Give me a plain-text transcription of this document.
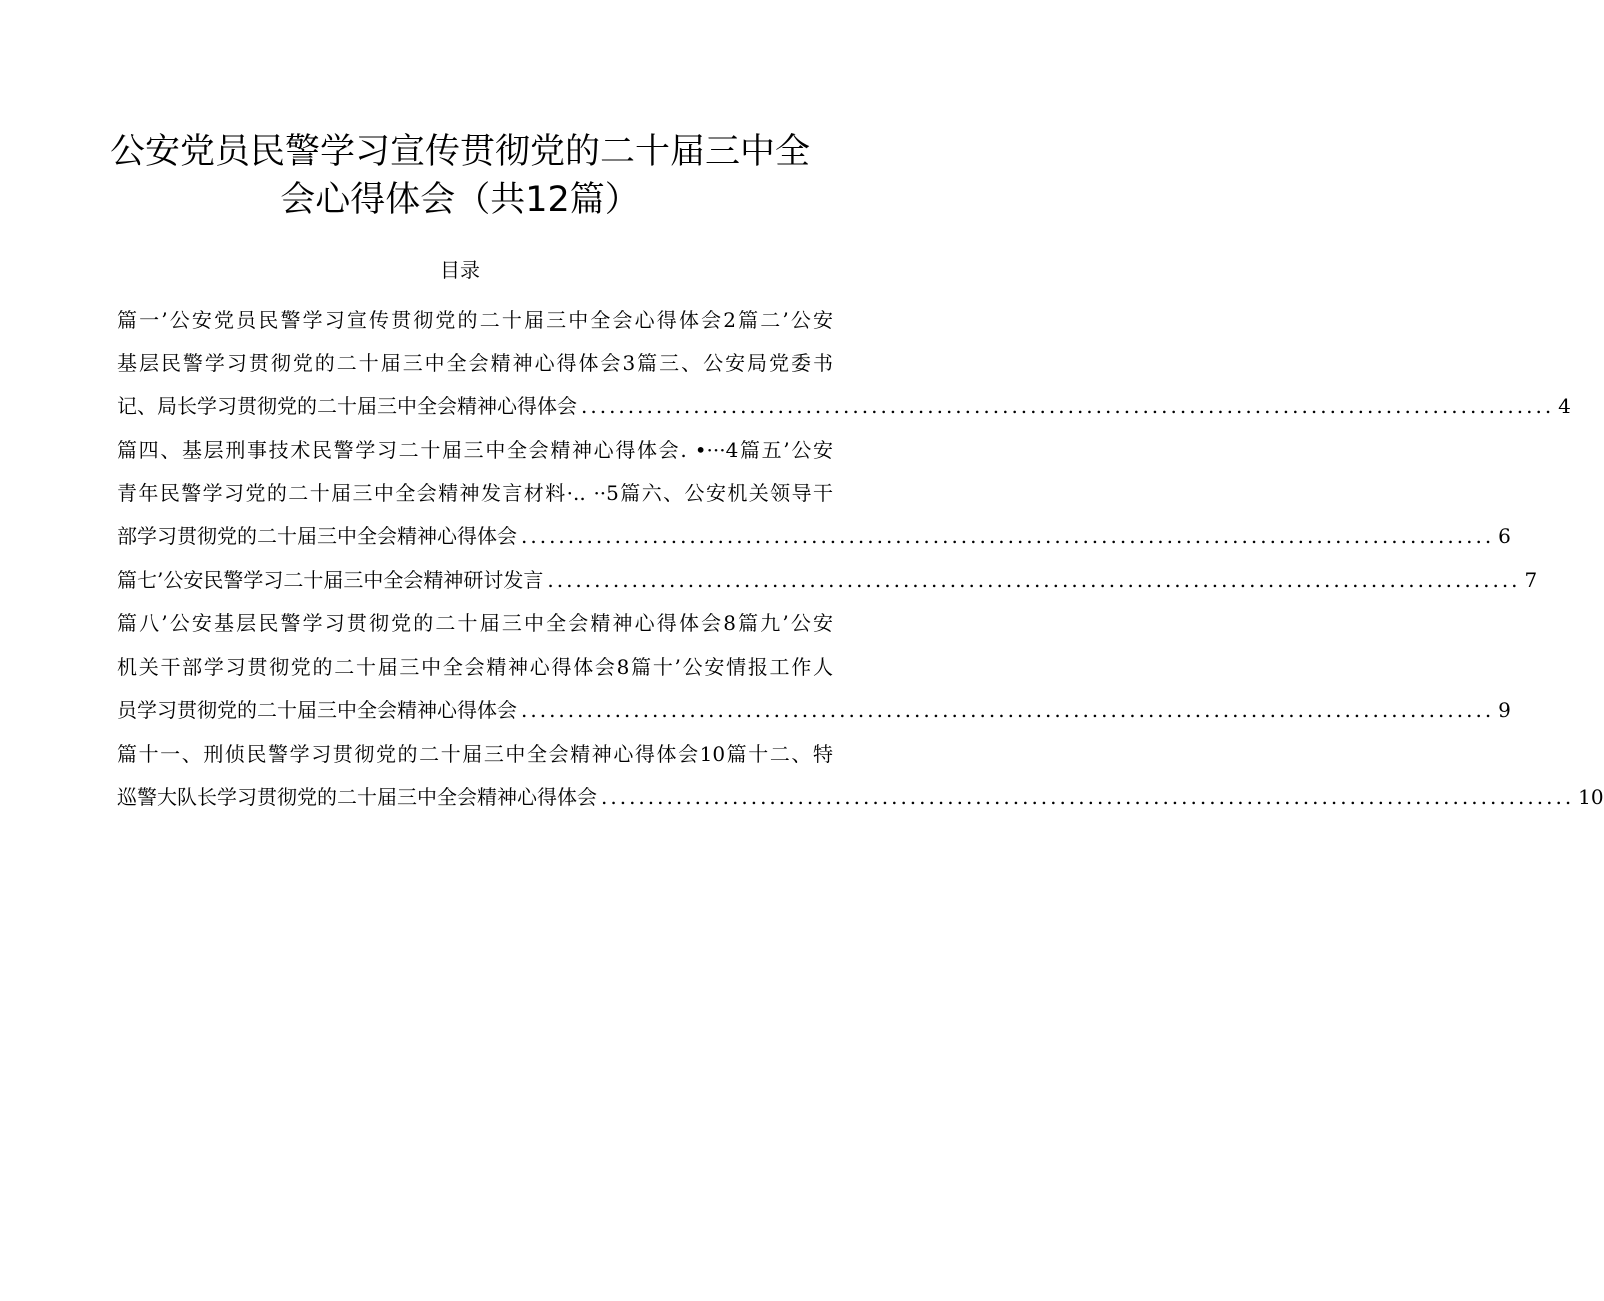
公安党员民警学习宣传贯彻党的二十届三中全
会心得体会（共12篇）
目录
篇一’公安党员民警学习宣传贯彻党的二十届三中全会心得体会2篇二’公安
基层民警学习贯彻党的二十届三中全会精神心得体会3篇三、公安局党委书
记、局长学习贯彻党的二十届三中全会精神心得体会 ........................................................................................................ 4
篇四、基层刑事技术民警学习二十届三中全会精神心得体会. •···4篇五’公安
青年民警学习党的二十届三中全会精神发言材料·.. ··5篇六、公安机关领导干
部学习贯彻党的二十届三中全会精神心得体会 ........................................................................................................ 6
篇七’公安民警学习二十届三中全会精神研讨发言 ........................................................................................................ 7
篇八’公安基层民警学习贯彻党的二十届三中全会精神心得体会8篇九’公安
机关干部学习贯彻党的二十届三中全会精神心得体会8篇十’公安情报工作人
员学习贯彻党的二十届三中全会精神心得体会 ........................................................................................................ 9
篇十一、刑侦民警学习贯彻党的二十届三中全会精神心得体会10篇十二、特
巡警大队长学习贯彻党的二十届三中全会精神心得体会 ........................................................................................................ 10
